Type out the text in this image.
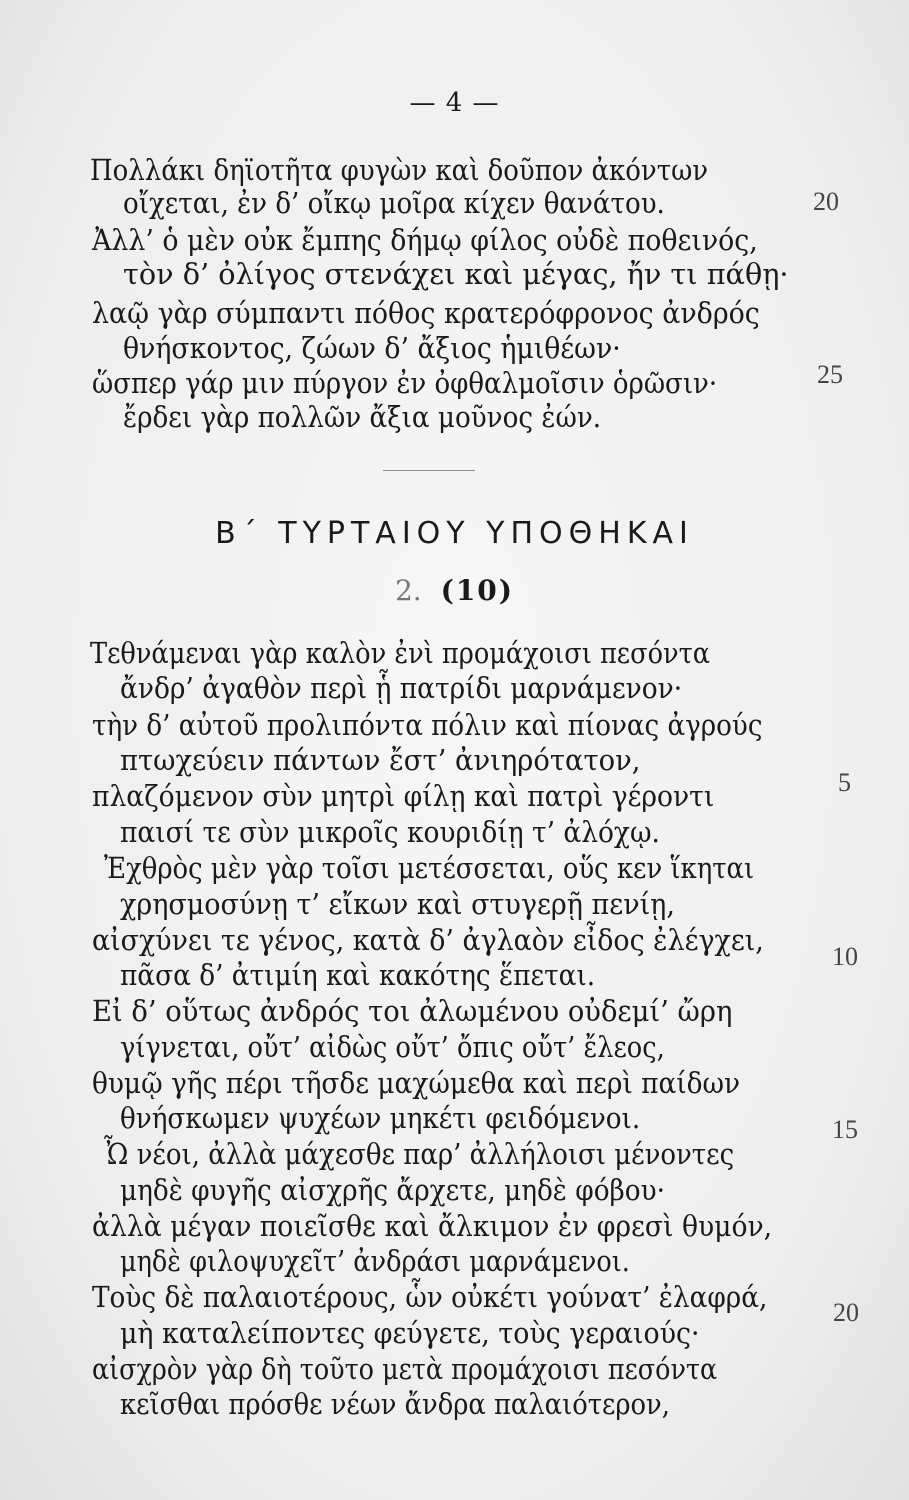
— 4 —
Πολλάκι δηϊοτῆτα φυγὼν καὶ δοῦπον ἀκόντων
οἴχεται, ἐν δ’ οἴκῳ μοῖρα κίχεν θανάτου.
Ἀλλ’ ὁ μὲν οὐκ ἔμπης δήμῳ φίλος οὐδὲ ποθεινός,
τὸν δ’ ὀλίγος στενάχει καὶ μέγας, ἤν τι πάθῃ·
λαῷ γὰρ σύμπαντι πόθος κρατερόφρονος ἀνδρός
θνήσκοντος, ζώων δ’ ἄξιος ἡμιθέων·
ὥσπερ γάρ μιν πύργον ἐν ὀφθαλμοῖσιν ὁρῶσιν·
ἔρδει γὰρ πολλῶν ἄξια μοῦνος ἐών.
20
25
Β΄ ΤΥΡΤΑΙΟΥ ΥΠΟΘΗΚΑΙ
2. (10)
Τεθνάμεναι γὰρ καλὸν ἐνὶ προμάχοισι πεσόντα
ἄνδρ’ ἀγαθὸν περὶ ᾗ πατρίδι μαρνάμενον·
τὴν δ’ αὐτοῦ προλιπόντα πόλιν καὶ πίονας ἀγρούς
πτωχεύειν πάντων ἔστ’ ἀνιηρότατον,
πλαζόμενον σὺν μητρὶ φίλῃ καὶ πατρὶ γέροντι
παισί τε σὺν μικροῖς κουριδίῃ τ’ ἀλόχῳ.
Ἐχθρὸς μὲν γὰρ τοῖσι μετέσσεται, οὕς κεν ἵκηται
χρησμοσύνῃ τ’ εἴκων καὶ στυγερῇ πενίῃ,
αἰσχύνει τε γένος, κατὰ δ’ ἀγλαὸν εἶδος ἐλέγχει,
πᾶσα δ’ ἀτιμίη καὶ κακότης ἕπεται.
Εἰ δ’ οὕτως ἀνδρός τοι ἀλωμένου οὐδεμί’ ὤρη
γίγνεται, οὔτ’ αἰδὼς οὔτ’ ὄπις οὔτ’ ἔλεος,
θυμῷ γῆς πέρι τῆσδε μαχώμεθα καὶ περὶ παίδων
θνήσκωμεν ψυχέων μηκέτι φειδόμενοι.
Ὦ νέοι, ἀλλὰ μάχεσθε παρ’ ἀλλήλοισι μένοντες
μηδὲ φυγῆς αἰσχρῆς ἄρχετε, μηδὲ φόβου·
ἀλλὰ μέγαν ποιεῖσθε καὶ ἄλκιμον ἐν φρεσὶ θυμόν,
μηδὲ φιλοψυχεῖτ’ ἀνδράσι μαρνάμενοι.
Τοὺς δὲ παλαιοτέρους, ὧν οὐκέτι γούνατ’ ἐλαφρά,
μὴ καταλείποντες φεύγετε, τοὺς γεραιούς·
αἰσχρὸν γὰρ δὴ τοῦτο μετὰ προμάχοισι πεσόντα
κεῖσθαι πρόσθε νέων ἄνδρα παλαιότερον,
5
10
15
20
